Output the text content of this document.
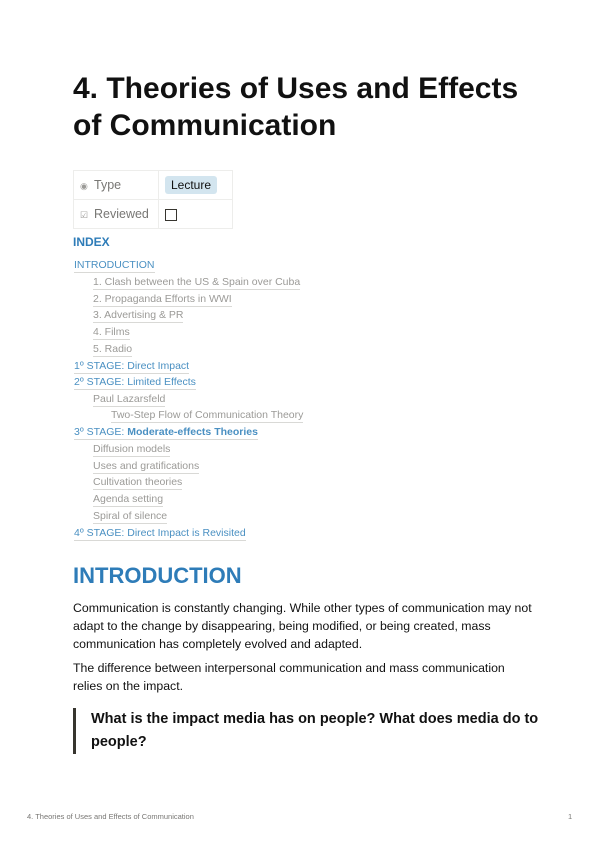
4. Theories of Uses and Effects of Communication
◉ Type	Lecture
☑ Reviewed	
INDEX
INTRODUCTION
1. Clash between the US & Spain over Cuba
2. Propaganda Efforts in WWI
3. Advertising & PR
4. Films
5. Radio
1º STAGE: Direct Impact
2º STAGE: Limited Effects
Paul Lazarsfeld
Two-Step Flow of Communication Theory
3º STAGE: Moderate-effects Theories
Diffusion models
Uses and gratifications
Cultivation theories
Agenda setting
Spiral of silence
4º STAGE: Direct Impact is Revisited
INTRODUCTION

Communication is constantly changing. While other types of communication may not adapt to the change by disappearing, being modified, or being created, mass communication has completely evolved and adapted.

The difference between interpersonal communication and mass communication relies on the impact.

What is the impact media has on people? What does media do to people?
4. Theories of Uses and Effects of Communication	1
